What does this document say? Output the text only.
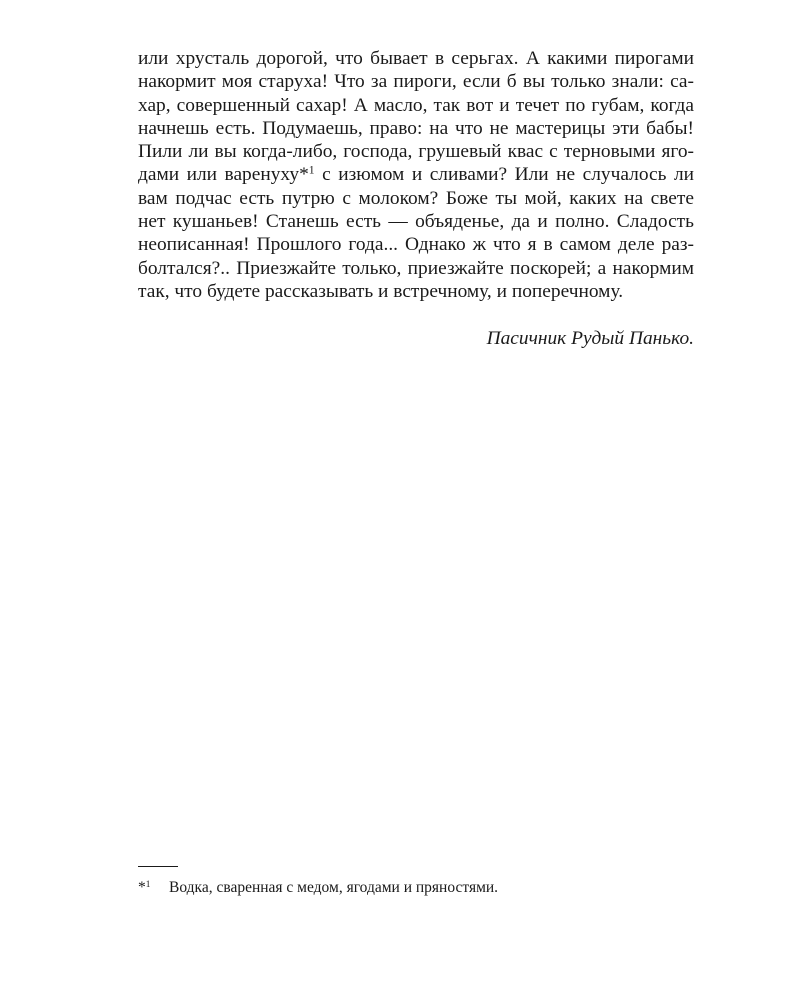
или хрусталь дорогой, что бывает в серьгах. А какими пирогами
накормит моя старуха! Что за пироги, если б вы только знали: са-
хар, совершенный сахар! А масло, так вот и течет по губам, когда
начнешь есть. Подумаешь, право: на что не мастерицы эти бабы!
Пили ли вы когда-либо, господа, грушевый квас с терновыми яго-
дами или варенуху*$^1$ с изюмом и сливами? Или не случалось ли
вам подчас есть путрю с молоком? Боже ты мой, каких на свете
нет кушаньев! Станешь есть — объяденье, да и полно. Сладость
неописанная! Прошлого года... Однако ж что я в самом деле раз-
болтался?.. Приезжайте только, приезжайте поскорей; а накормим
так, что будете рассказывать и встречному, и поперечному.
Пасичник Рудый Панько.
*$^1$ Водка, сваренная с медом, ягодами и пряностями.
